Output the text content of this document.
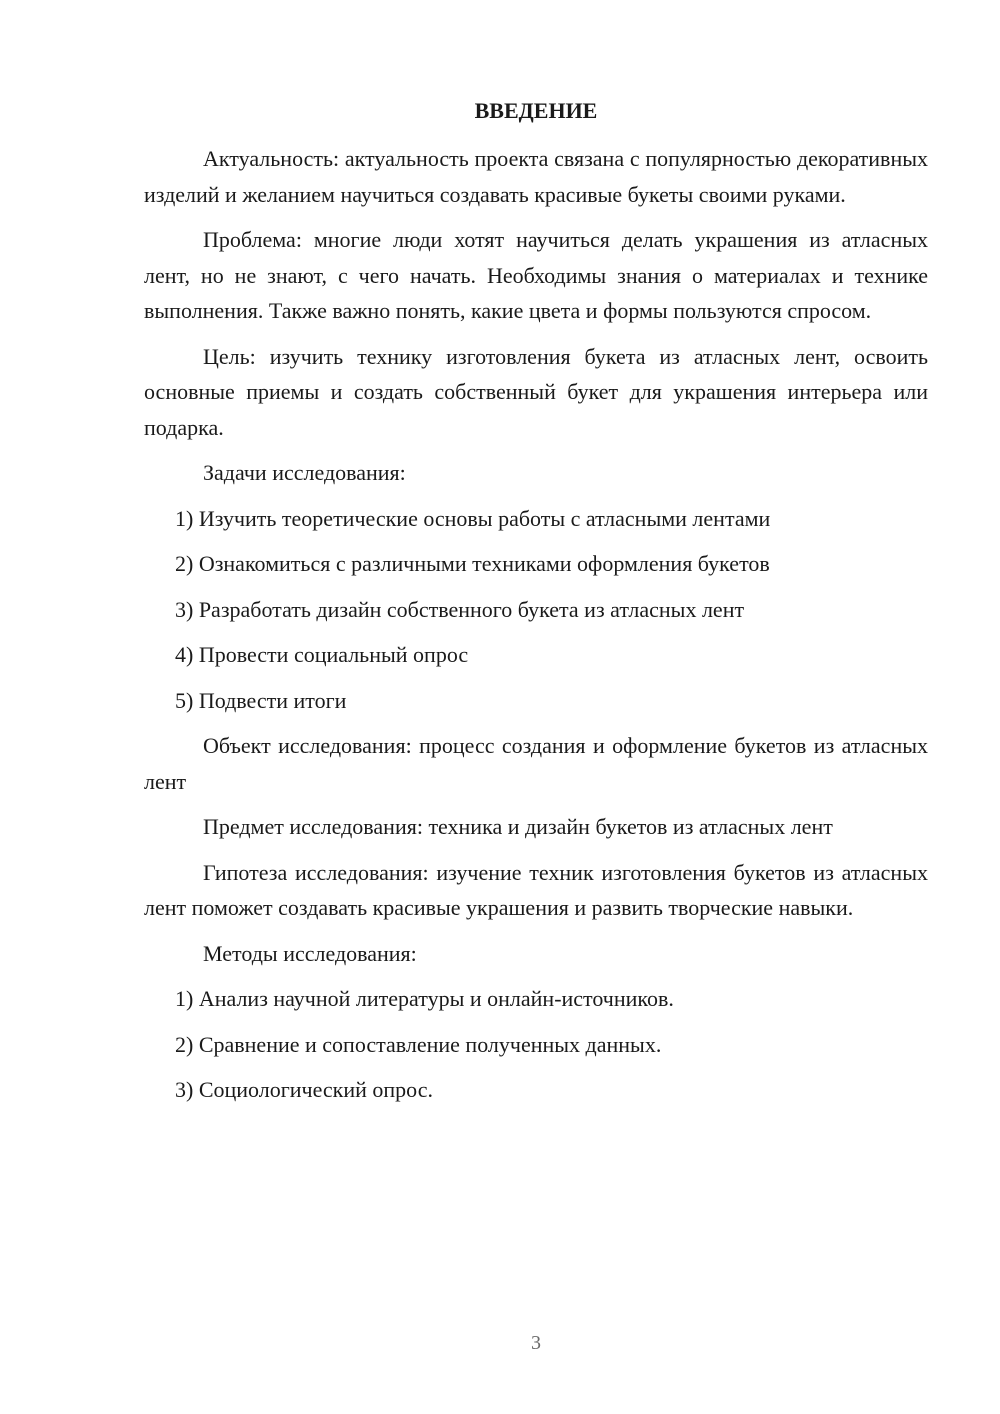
ВВЕДЕНИЕ

Актуальность: актуальность проекта связана с популярностью декоративных изделий и желанием научиться создавать красивые букеты своими руками.

Проблема: многие люди хотят научиться делать украшения из атласных лент, но не знают, с чего начать. Необходимы знания о материалах и технике выполнения. Также важно понять, какие цвета и формы пользуются спросом.

Цель: изучить технику изготовления букета из атласных лент, освоить основные приемы и создать собственный букет для украшения интерьера или подарка.

Задачи исследования:

1) Изучить теоретические основы работы с атласными лентами

2) Ознакомиться с различными техниками оформления букетов

3) Разработать дизайн собственного букета из атласных лент

4) Провести социальный опрос

5) Подвести итоги

Объект исследования: процесс создания и оформление букетов из атласных лент

Предмет исследования: техника и дизайн букетов из атласных лент

Гипотеза исследования: изучение техник изготовления букетов из атласных лент поможет создавать красивые украшения и развить творческие навыки.

Методы исследования:

1) Анализ научной литературы и онлайн-источников.

2) Сравнение и сопоставление полученных данных.

3) Социологический опрос.

3
